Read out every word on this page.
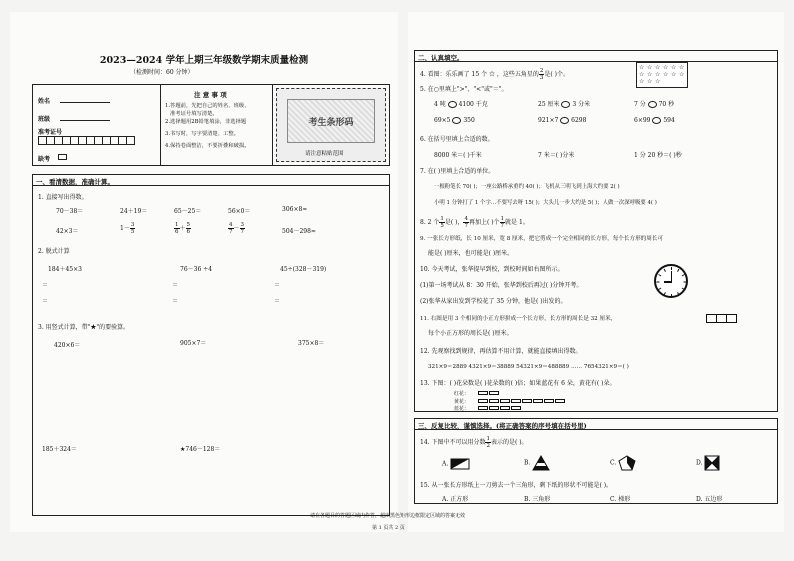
2023—2024 学年上期三年级数学期末质量检测
（检测时间：60 分钟）
姓名
班级
准考证号
缺考
注 意 事 项
1.答题前，先把自己的姓名、班级、
准考证号填写清楚。
2.选择题用2B铅笔填涂，非选择题
3.书写时，写字要清楚、工整。
4.保持卷面整洁，不要折叠和破损。
考生条形码
请注意粘贴范围
一、看清数据，准确计算。
1. 直接写出得数。
70－38＝	24＋19＝	65－25＝	56×0＝	306×8≈
42×3＝	$1- \frac{3}{5}$	$\frac{1}{6} + \frac{5}{6}$	$\frac{4}{7} - \frac{3}{7}$	504－298≈
2. 脱式计算
184＋45×3	76－36 ÷4	45÷(328－319)
＝	＝	＝
＝	＝	＝
3. 用竖式计算，带"★"的要验算。
420×6＝	905×7＝	375×8＝
185＋324＝	★746－128＝
二、认真填空。
4. 看图：乐乐画了 15 个 ☆ ，这些五角星的 $\frac{2}{3}$ 是( )个。
☆ ☆ ☆ ☆ ☆ ☆
☆ ☆ ☆ ☆ ☆ ☆
☆ ☆ ☆
5. 在○里填上">"、"<"或"＝"。
4 吨 4100 千克	25 厘米 3 分米	7 分 70 秒
69×5 350	921×7 6298	6×99 594
6. 在括号里填上合适的数。
8000 米＝( )千米	7 米＝( )分米	1 分 20 秒＝( )秒
7. 在( )里填上合适的单位。
一根粉笔长 70( )；一座公路桥承重约 40( )；飞机从三明飞到上海大约要 2( )
小明 1 分钟打了 1 个字…不要写去呀 15( )；大头儿一步大约是 5( )；人做一次深呼吸要 4( )
8. 2 个 $\frac{1}{5}$ 是( )， $\frac{4}{7}$ 再加上( )个 $\frac{1}{7}$ 就是 1。
9. 一张长方形纸，长 10 厘米，宽 8 厘米，把它剪成一个完全相同的长方形，每个长方形的周长可
能是( )厘米，也可能是( )厘米。
10. 今天考试，张华提早到校，到校时间如右图所示。
(1)第一场考试从 8：30 开始，张华到校后再过( )分钟开考。
(2)张华从家出发到学校花了 35 分钟，他是( )出发的。
11. 右图是用 3 个相同的小正方形拼成一个长方形，长方形的周长是 32 厘米，
每个小正方形的周长是( )厘米。
12. 先观察找到规律，再估算不用计算，就能直接填出得数。
321×9＝2889 4321×9＝38889 54321×9＝488889 …… 7654321×9＝( )
13. 下图：( )花朵数是( )花朵数的( )倍；如果蓝花有 6 朵，黄花有( )朵。
红花：
黄花：
蓝花：
三、反复比较，谨慎选择。(将正确答案的序号填在括号里)
14. 下图中不可以用分数 $\frac{1}{2}$ 表示的是( )。
A.	B.	C.	D.
15. 从一张长方形纸上一刀剪去一个三角形，剩下纸的形状不可能是( )。
A. 正方形	B. 三角形	C. 梯形	D. 五边形
请在各题目的答题区域内作答，超出黑色矩形边框限定区域的答案无效
第 1 页共 2 页
